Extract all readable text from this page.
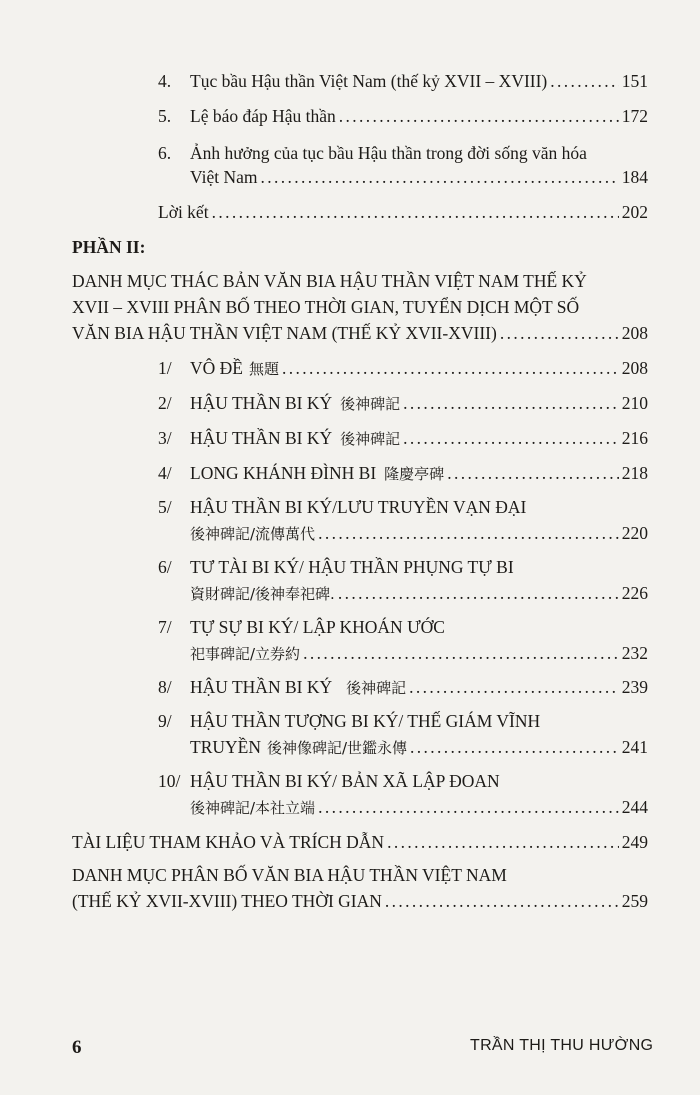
4. Tục bầu Hậu thần Việt Nam (thế kỷ XVII – XVIII) . . .	151
5. Lệ báo đáp Hậu thần . . .	172
6. Ảnh hưởng của tục bầu Hậu thần trong đời sống văn hóa
Việt Nam . . .	184
Lời kết . . .	202
PHẦN II:
DANH MỤC THÁC BẢN VĂN BIA HẬU THẦN VIỆT NAM THẾ KỶ
XVII – XVIII PHÂN BỐ THEO THỜI GIAN, TUYỂN DỊCH MỘT SỐ
VĂN BIA HẬU THẦN VIỆT NAM (THẾ KỶ XVII-XVIII) . . .	208
1/ VÔ ĐỀ 無題 . . .	208
2/ HẬU THẦN BI KÝ 後神碑記 . . .	210
3/ HẬU THẦN BI KÝ 後神碑記 . . .	216
4/ LONG KHÁNH ĐÌNH BI 隆慶亭碑 . . .	218
5/ HẬU THẦN BI KÝ/LƯU TRUYỀN VẠN ĐẠI
後神碑記/流傳萬代 . . .	220
6/ TƯ TÀI BI KÝ/ HẬU THẦN PHỤNG TỰ BI
資財碑記/後神奉祀碑. . . .	226
7/ TỰ SỰ BI KÝ/ LẬP KHOÁN ƯỚC
祀事碑記/立券約 . . .	232
8/ HẬU THẦN BI KÝ 後神碑記 . . .	239
9/ HẬU THẦN TƯỢNG BI KÝ/ THẾ GIÁM VĨNH
TRUYỀN 後神像碑記/世鑑永傳 . . .	241
10/ HẬU THẦN BI KÝ/ BẢN XÃ LẬP ĐOAN
後神碑記/本社立端 . . .	244
TÀI LIỆU THAM KHẢO VÀ TRÍCH DẪN . . .	249
DANH MỤC PHÂN BỐ VĂN BIA HẬU THẦN VIỆT NAM
(THẾ KỶ XVII-XVIII) THEO THỜI GIAN . . .	259
6	TRẦN THỊ THU HƯỜNG
